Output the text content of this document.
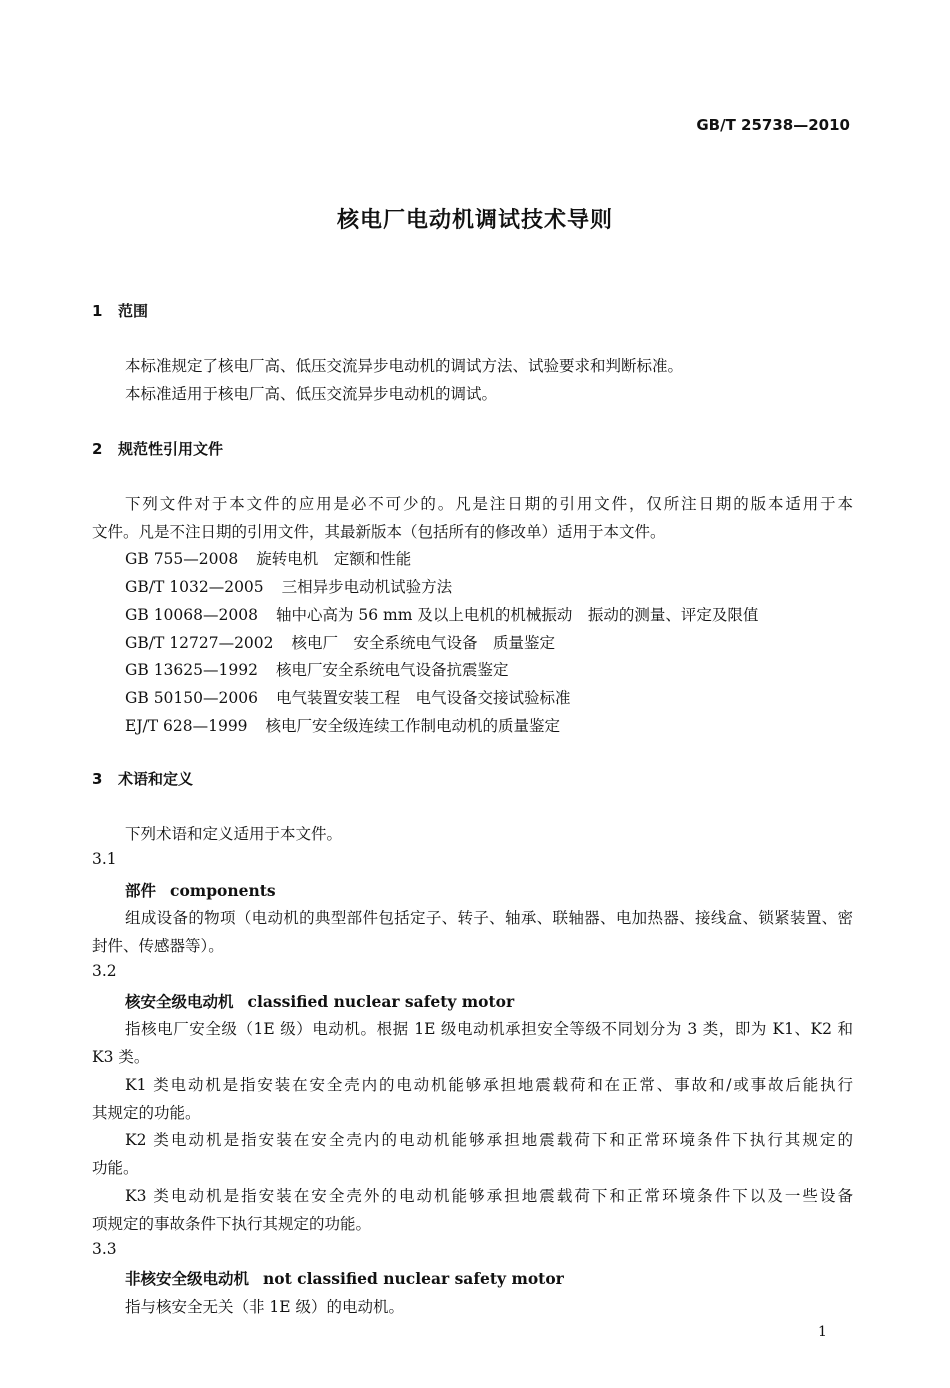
GB/T 25738—2010
核电厂电动机调试技术导则
1 范围
本标准规定了核电厂高、低压交流异步电动机的调试方法、试验要求和判断标准。
本标准适用于核电厂高、低压交流异步电动机的调试。
2 规范性引用文件
下列文件对于本文件的应用是必不可少的。凡是注日期的引用文件，仅所注日期的版本适用于本
文件。凡是不注日期的引用文件，其最新版本（包括所有的修改单）适用于本文件。
GB 755—2008 旋转电机　定额和性能
GB/T 1032—2005 三相异步电动机试验方法
GB 10068—2008 轴中心高为 56 mm 及以上电机的机械振动　振动的测量、评定及限值
GB/T 12727—2002 核电厂　安全系统电气设备　质量鉴定
GB 13625—1992 核电厂安全系统电气设备抗震鉴定
GB 50150—2006 电气装置安装工程　电气设备交接试验标准
EJ/T 628—1999 核电厂安全级连续工作制电动机的质量鉴定
3 术语和定义
下列术语和定义适用于本文件。
3.1
部件 components
组成设备的物项（电动机的典型部件包括定子、转子、轴承、联轴器、电加热器、接线盒、锁紧装置、密
封件、传感器等）。
3.2
核安全级电动机 classified nuclear safety motor
指核电厂安全级（1E 级）电动机。根据 1E 级电动机承担安全等级不同划分为 3 类，即为 K1、K2 和
K3 类。
K1 类电动机是指安装在安全壳内的电动机能够承担地震载荷和在正常、事故和/或事故后能执行
其规定的功能。
K2 类电动机是指安装在安全壳内的电动机能够承担地震载荷下和正常环境条件下执行其规定的
功能。
K3 类电动机是指安装在安全壳外的电动机能够承担地震载荷下和正常环境条件下以及一些设备
项规定的事故条件下执行其规定的功能。
3.3
非核安全级电动机 not classified nuclear safety motor
指与核安全无关（非 1E 级）的电动机。
1
